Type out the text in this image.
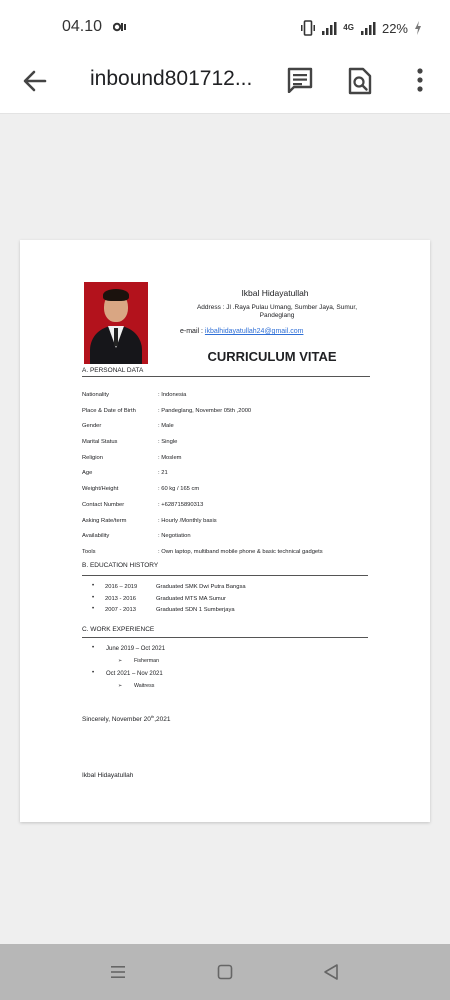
04.10	4G 22%
inbound801712...
Ikbal Hidayatullah
Address : Jl .Raya Pulau Umang, Sumber Jaya, Sumur, Pandeglang
e-mail : ikbalhidayatullah24@gmail.com
CURRICULUM VITAE
A. PERSONAL DATA
Nationality	: Indonesia
Place & Date of Birth	: Pandeglang, November 05th ,2000
Gender	: Male
Marital Status	: Single
Religion	: Moslem
Age	: 21
Weight/Height	: 60 kg / 165 cm
Contact Number	: +628715890313
Asking Rate/term	: Hourly /Monthly basis
Availability	: Negotiation
Tools	: Own laptop, multiband mobile phone & basic technical gadgets
B. EDUCATION HISTORY
• 2016 – 2019	Graduated SMK Dwi Putra Bangsa
• 2013 - 2016	Graduated MTS MA Sumur
• 2007 - 2013	Graduated SDN 1 Sumberjaya
C. WORK EXPERIENCE
• June 2019 – Oct 2021
➢ Fisherman
• Oct 2021 – Nov 2021
➢ Waitress
Sincerely, November 20th,2021
Ikbal Hidayatullah
